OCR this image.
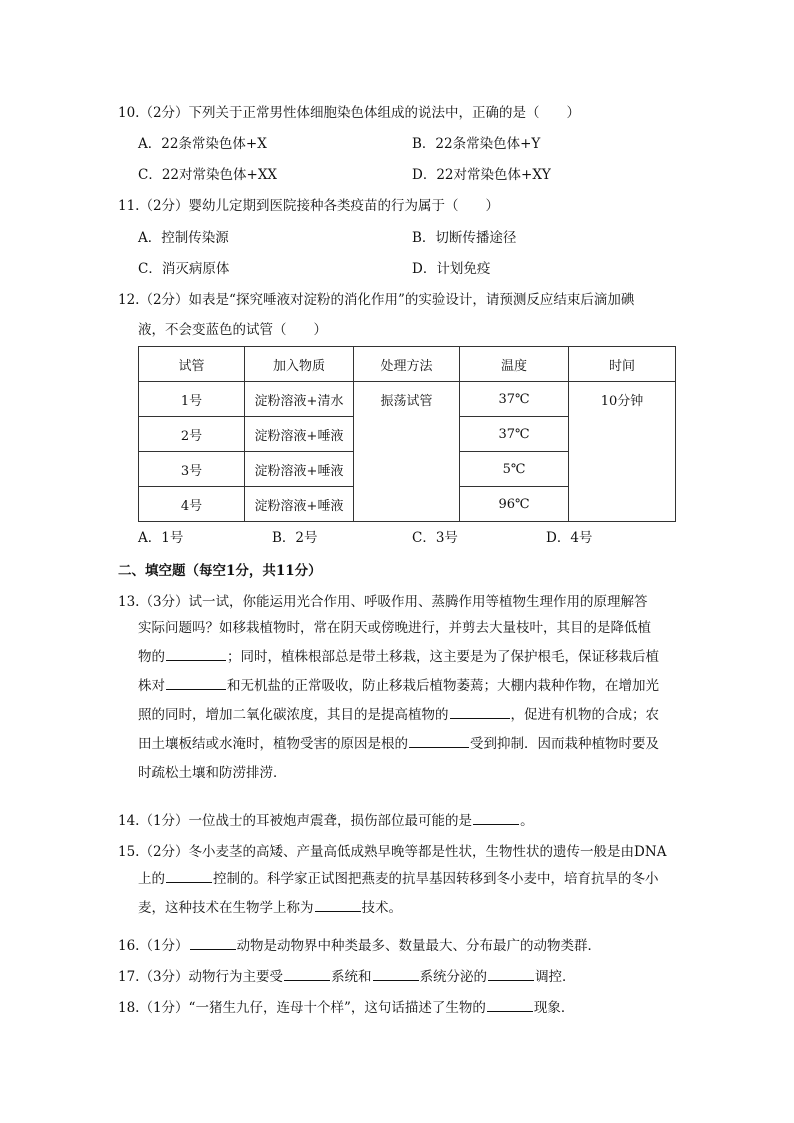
10.（2分）下列关于正常男性体细胞染色体组成的说法中，正确的是（　　）
A．22条常染色体+X	B．22条常染色体+Y
C．22对常染色体+XX	D．22对常染色体+XY
11.（2分）婴幼儿定期到医院接种各类疫苗的行为属于（　　）
A．控制传染源	B．切断传播途径
C．消灭病原体	D．计划免疫
12.（2分）如表是“探究唾液对淀粉的消化作用”的实验设计，请预测反应结束后滴加碘
液，不会变蓝色的试管（　　）
试管	加入物质	处理方法	温度	时间
1号	淀粉溶液+清水	振荡试管	37℃	10分钟
2号	淀粉溶液+唾液		37℃	
3号	淀粉溶液+唾液		5℃	
4号	淀粉溶液+唾液		96℃	
A．1号	B．2号	C．3号	D．4号
二、填空题（每空1分，共11分）
13.（3分）试一试，你能运用光合作用、呼吸作用、蒸腾作用等植物生理作用的原理解答
实际问题吗？如移栽植物时，常在阴天或傍晚进行，并剪去大量枝叶，其目的是降低植
物的	；同时，植株根部总是带土移栽，这主要是为了保护根毛，保证移栽后植
株对	和无机盐的正常吸收，防止移栽后植物萎蔫；大棚内栽种作物，在增加光
照的同时，增加二氧化碳浓度，其目的是提高植物的	，促进有机物的合成；农
田土壤板结或水淹时，植物受害的原因是根的	受到抑制．因而栽种植物时要及
时疏松土壤和防涝排涝．
14.（1分）一位战士的耳被炮声震聋，损伤部位最可能的是	。
15.（2分）冬小麦茎的高矮、产量高低成熟早晚等都是性状，生物性状的遗传一般是由DNA
上的	控制的。科学家正试图把燕麦的抗旱基因转移到冬小麦中，培育抗旱的冬小
麦，这种技术在生物学上称为	技术。
16.（1分）	动物是动物界中种类最多、数量最大、分布最广的动物类群．
17.（3分）动物行为主要受	系统和	系统分泌的	调控．
18.（1分）“一猪生九仔，连母十个样”，这句话描述了生物的	现象．
